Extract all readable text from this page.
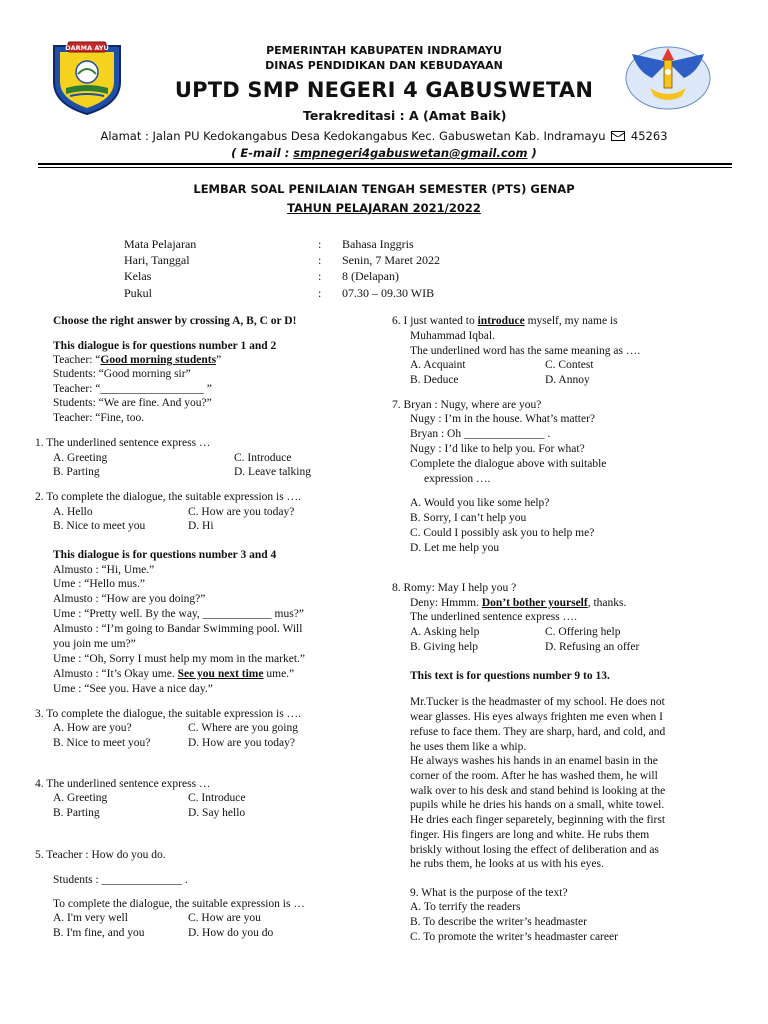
DARMA AYU	PEMERINTAH KABUPATEN INDRAMAYU
DINAS PENDIDIKAN DAN KEBUDAYAAN
UPTD SMP NEGERI 4 GABUSWETAN
Terakreditasi : A (Amat Baik)
Alamat : Jalan PU Kedokangabus Desa Kedokangabus Kec. Gabuswetan Kab. Indramayu 45263
( E-mail : smpnegeri4gabuswetan@gmail.com )
LEMBAR SOAL PENILAIAN TENGAH SEMESTER (PTS) GENAP
TAHUN PELAJARAN 2021/2022
Mata Pelajaran	: Bahasa Inggris
Hari, Tanggal	: Senin, 7 Maret 2022
Kelas	: 8 (Delapan)
Pukul	: 07.30 – 09.30 WIB
Choose the right answer by crossing A, B, C or D!
This dialogue is for questions number 1 and 2
Teacher: “Good morning students”
Students: “Good morning sir”
Teacher: “__________________ ”
Students: “We are fine. And you?”
Teacher: “Fine, too.
1. The underlined sentence express …
A. Greeting	C. Introduce
B. Parting	D. Leave talking
2. To complete the dialogue, the suitable expression is ….
A. Hello	C. How are you today?
B. Nice to meet you	D. Hi
This dialogue is for questions number 3 and 4
Almusto : “Hi, Ume.”
Ume : “Hello mus.”
Almusto : “How are you doing?”
Ume : “Pretty well. By the way, ____________ mus?”
Almusto : “I’m going to Bandar Swimming pool. Will
you join me um?”
Ume : “Oh, Sorry I must help my mom in the market.”
Almusto : “It’s Okay ume. See you next time ume.”
Ume : “See you. Have a nice day.”
3. To complete the dialogue, the suitable expression is ….
A. How are you?	C. Where are you going
B. Nice to meet you?	D. How are you today?
4. The underlined sentence express …
A. Greeting	C. Introduce
B. Parting	D. Say hello
5. Teacher : How do you do.
Students : ______________ .
To complete the dialogue, the suitable expression is …
A. I'm very well	C. How are you
B. I'm fine, and you	D. How do you do
6. I just wanted to introduce myself, my name is
Muhammad Iqbal.
The underlined word has the same meaning as ….
A. Acquaint	C. Contest
B. Deduce	D. Annoy
7. Bryan : Nugy, where are you?
Nugy : I’m in the house. What’s matter?
Bryan : Oh ______________ .
Nugy : I’d like to help you. For what?
Complete the dialogue above with suitable
expression ….
A. Would you like some help?
B. Sorry, I can’t help you
C. Could I possibly ask you to help me?
D. Let me help you
8. Romy: May I help you ?
Deny: Hmmm. Don’t bother yourself, thanks.
The underlined sentence express ….
A. Asking help	C. Offering help
B. Giving help	D. Refusing an offer
This text is for questions number 9 to 13.
Mr.Tucker is the headmaster of my school. He does not
wear glasses. His eyes always frighten me even when I
refuse to face them. They are sharp, hard, and cold, and
he uses them like a whip.
He always washes his hands in an enamel basin in the
corner of the room. After he has washed them, he will
walk over to his desk and stand behind is looking at the
pupils while he dries his hands on a small, white towel.
He dries each finger separetely, beginning with the first
finger. His fingers are long and white. He rubs them
briskly without losing the effect of deliberation and as
he rubs them, he looks at us with his eyes.
9. What is the purpose of the text?
A. To terrify the readers
B. To describe the writer’s headmaster
C. To promote the writer’s headmaster career
